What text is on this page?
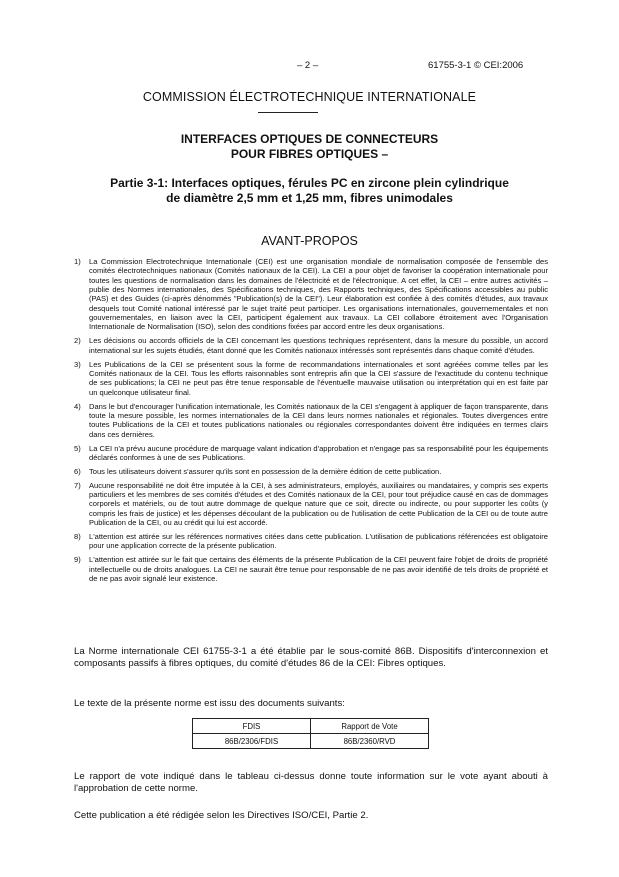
– 2 –	61755-3-1 © CEI:2006
COMMISSION ÉLECTROTECHNIQUE INTERNATIONALE
INTERFACES OPTIQUES DE CONNECTEURS
POUR FIBRES OPTIQUES –
Partie 3-1: Interfaces optiques, férules PC en zircone plein cylindrique
de diamètre 2,5 mm et 1,25 mm, fibres unimodales
AVANT-PROPOS
1) La Commission Electrotechnique Internationale (CEI) est une organisation mondiale de normalisation composée de l'ensemble des comités électrotechniques nationaux (Comités nationaux de la CEI). La CEI a pour objet de favoriser la coopération internationale pour toutes les questions de normalisation dans les domaines de l'électricité et de l'électronique. A cet effet, la CEI – entre autres activités – publie des Normes internationales, des Spécifications techniques, des Rapports techniques, des Spécifications accessibles au public (PAS) et des Guides (ci-après dénommés "Publication(s) de la CEI"). Leur élaboration est confiée à des comités d'études, aux travaux desquels tout Comité national intéressé par le sujet traité peut participer. Les organisations internationales, gouvernementales et non gouvernementales, en liaison avec la CEI, participent également aux travaux. La CEI collabore étroitement avec l'Organisation Internationale de Normalisation (ISO), selon des conditions fixées par accord entre les deux organisations.
2) Les décisions ou accords officiels de la CEI concernant les questions techniques représentent, dans la mesure du possible, un accord international sur les sujets étudiés, étant donné que les Comités nationaux intéressés sont représentés dans chaque comité d'études.
3) Les Publications de la CEI se présentent sous la forme de recommandations internationales et sont agréées comme telles par les Comités nationaux de la CEI. Tous les efforts raisonnables sont entrepris afin que la CEI s'assure de l'exactitude du contenu technique de ses publications; la CEI ne peut pas être tenue responsable de l'éventuelle mauvaise utilisation ou interprétation qui en est faite par un quelconque utilisateur final.
4) Dans le but d'encourager l'unification internationale, les Comités nationaux de la CEI s'engagent à appliquer de façon transparente, dans toute la mesure possible, les normes internationales de la CEI dans leurs normes nationales et régionales. Toutes divergences entre toutes Publications de la CEI et toutes publications nationales ou régionales correspondantes doivent être indiquées en termes clairs dans ces dernières.
5) La CEI n'a prévu aucune procédure de marquage valant indication d'approbation et n'engage pas sa responsabilité pour les équipements déclarés conformes à une de ses Publications.
6) Tous les utilisateurs doivent s'assurer qu'ils sont en possession de la dernière édition de cette publication.
7) Aucune responsabilité ne doit être imputée à la CEI, à ses administrateurs, employés, auxiliaires ou mandataires, y compris ses experts particuliers et les membres de ses comités d'études et des Comités nationaux de la CEI, pour tout préjudice causé en cas de dommages corporels et matériels, ou de tout autre dommage de quelque nature que ce soit, directe ou indirecte, ou pour supporter les coûts (y compris les frais de justice) et les dépenses découlant de la publication ou de l'utilisation de cette Publication de la CEI ou de toute autre Publication de la CEI, ou au crédit qui lui est accordé.
8) L'attention est attirée sur les références normatives citées dans cette publication. L'utilisation de publications référencées est obligatoire pour une application correcte de la présente publication.
9) L'attention est attirée sur le fait que certains des éléments de la présente Publication de la CEI peuvent faire l'objet de droits de propriété intellectuelle ou de droits analogues. La CEI ne saurait être tenue pour responsable de ne pas avoir identifié de tels droits de propriété et de ne pas avoir signalé leur existence.

La Norme internationale CEI 61755-3-1 a été établie par le sous-comité 86B. Dispositifs d'interconnexion et composants passifs à fibres optiques, du comité d'études 86 de la CEI: Fibres optiques.

Le texte de la présente norme est issu des documents suivants:

FDIS	Rapport de Vote
86B/2306/FDIS	86B/2360/RVD

Le rapport de vote indiqué dans le tableau ci-dessus donne toute information sur le vote ayant abouti à l'approbation de cette norme.

Cette publication a été rédigée selon les Directives ISO/CEI, Partie 2.
